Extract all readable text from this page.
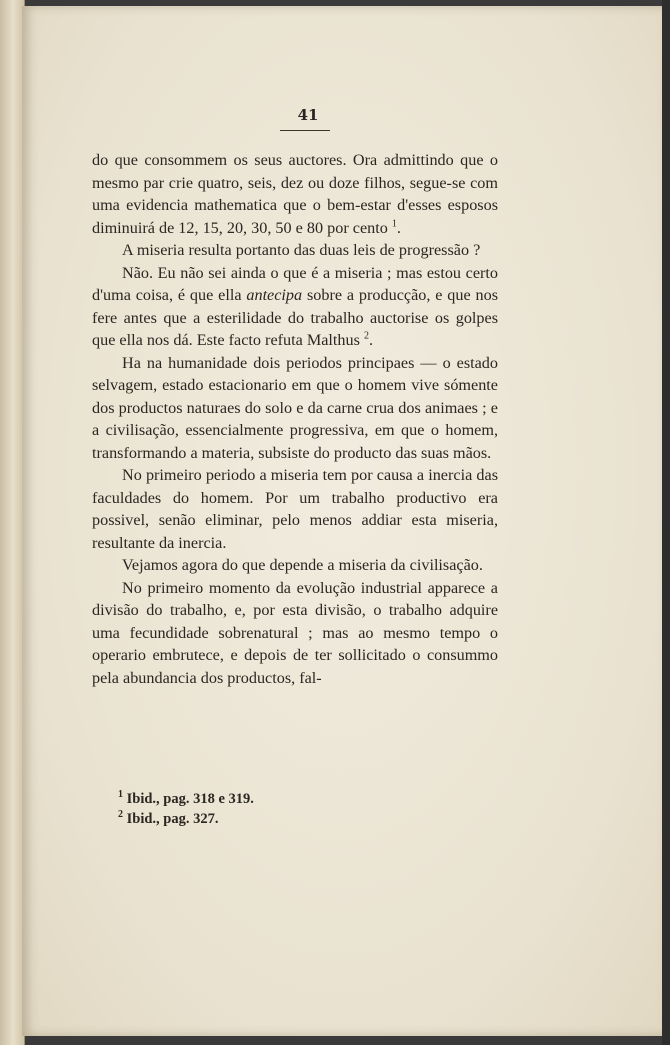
41

do que consommem os seus auctores. Ora admittindo que o mesmo par crie quatro, seis, dez ou doze filhos, segue-se com uma evidencia mathematica que o bem-estar d'esses esposos diminuirá de 12, 15, 20, 30, 50 e 80 por cento $^1$.

A miseria resulta portanto das duas leis de progressão ?

Não. Eu não sei ainda o que é a miseria ; mas estou certo d'uma coisa, é que ella antecipa sobre a producção, e que nos fere antes que a esterilidade do trabalho auctorise os golpes que ella nos dá. Este facto refuta Malthus $^2$.

Ha na humanidade dois periodos principaes — o estado selvagem, estado estacionario em que o homem vive sómente dos productos naturaes do solo e da carne crua dos animaes ; e a civilisação, essencialmente progressiva, em que o homem, transformando a materia, subsiste do producto das suas mãos.

No primeiro periodo a miseria tem por causa a inercia das faculdades do homem. Por um trabalho productivo era possivel, senão eliminar, pelo menos addiar esta miseria, resultante da inercia.

Vejamos agora do que depende a miseria da civilisação.

No primeiro momento da evolução industrial apparece a divisão do trabalho, e, por esta divisão, o trabalho adquire uma fecundidade sobrenatural ; mas ao mesmo tempo o operario embrutece, e depois de ter sollicitado o consummo pela abundancia dos productos, fal-

$^1$ Ibid., pag. 318 e 319.
$^2$ Ibid., pag. 327.
